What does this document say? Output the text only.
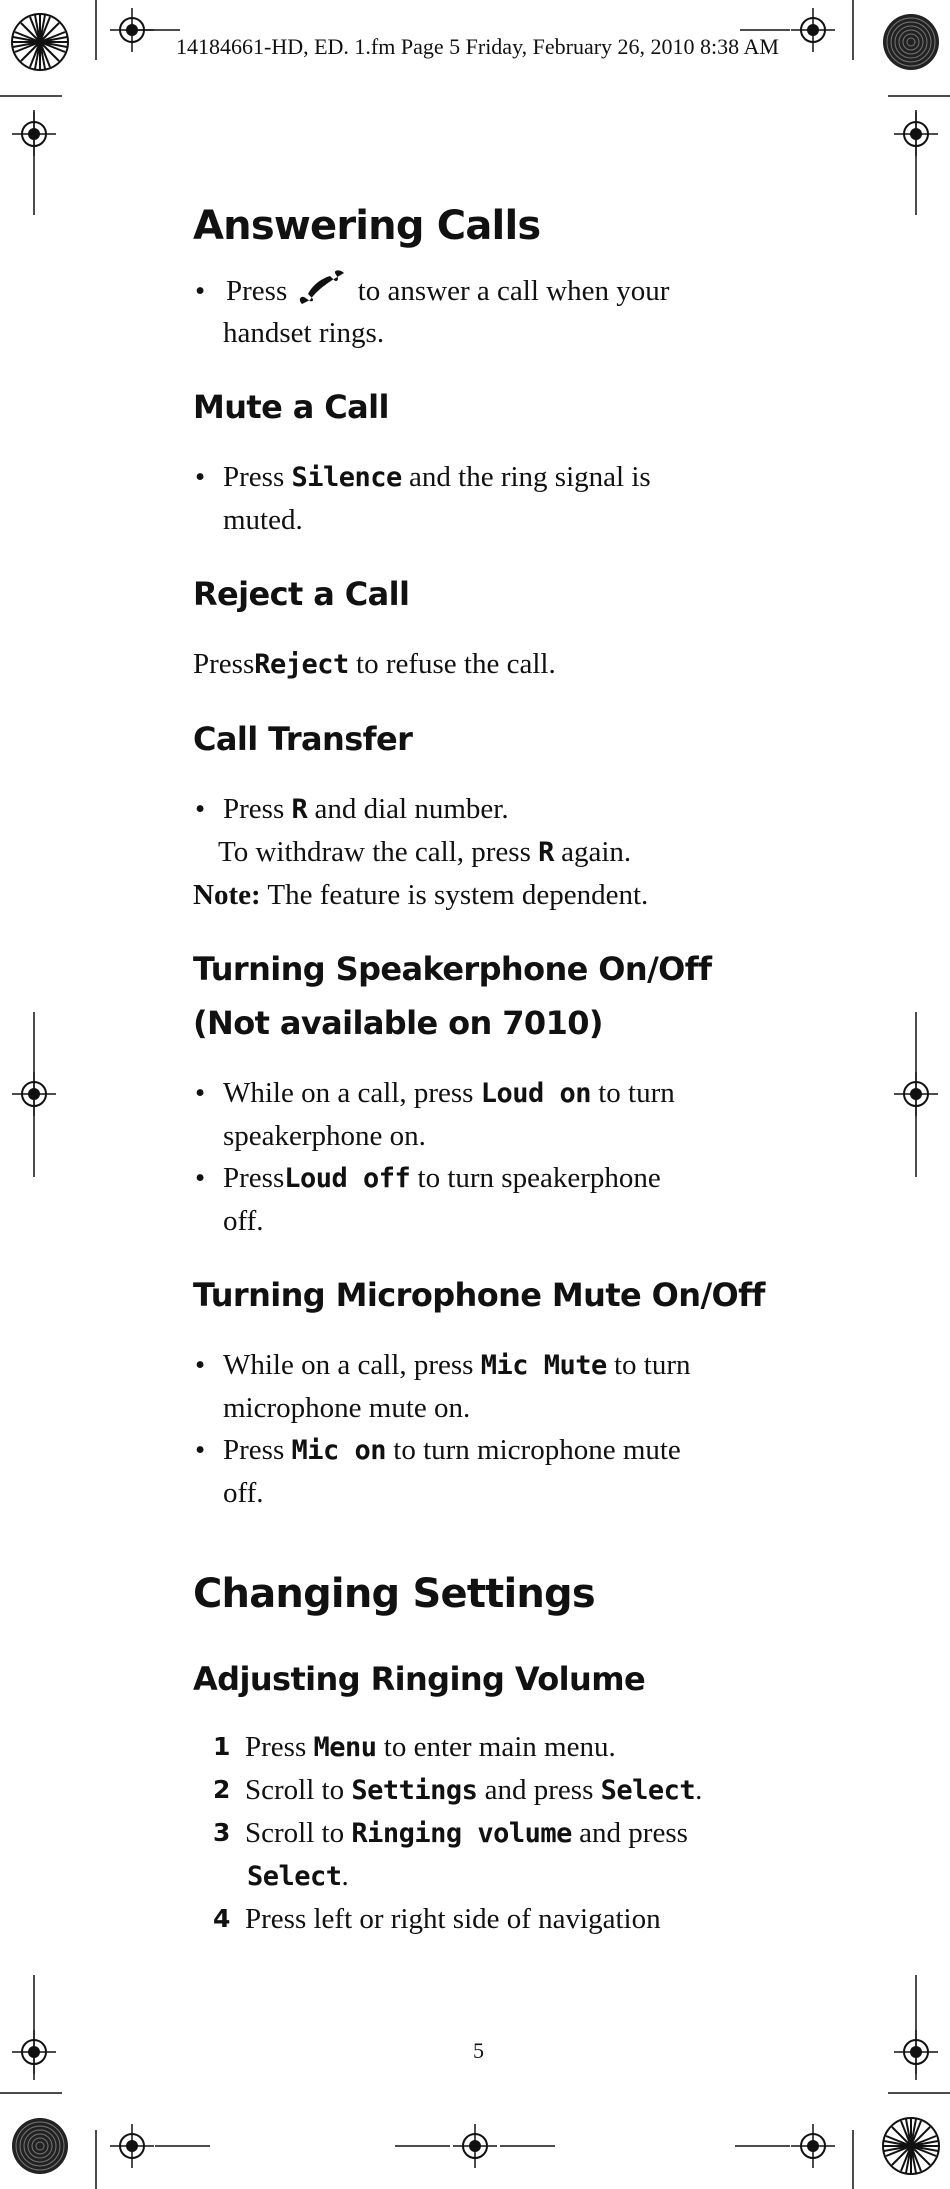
14184661-HD, ED. 1.fm Page 5 Friday, February 26, 2010 8:38 AM
Answering Calls

• Press to answer a call when your
handset rings.

Mute a Call

• Press Silence and the ring signal is
muted.

Reject a Call

PressReject to refuse the call.

Call Transfer

• Press R and dial number.

To withdraw the call, press R again.

Note: The feature is system dependent.

Turning Speakerphone On/Off
(Not available on 7010)

• While on a call, press Loud on to turn
speakerphone on.

• PressLoud off to turn speakerphone
off.

Turning Microphone Mute On/Off

• While on a call, press Mic Mute to turn
microphone mute on.

• Press Mic on to turn microphone mute
off.

Changing Settings
Adjusting Ringing Volume

1 Press Menu to enter main menu.

2 Scroll to Settings and press Select.

3 Scroll to Ringing volume and press
Select.

4 Press left or right side of navigation

5
